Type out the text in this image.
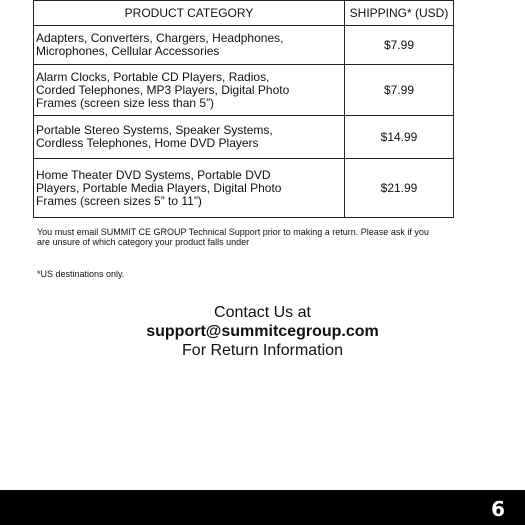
PRODUCT CATEGORY	SHIPPING* (USD)

Adapters, Converters, Chargers, Headphones,
Microphones, Cellular Accessories	$7.99

Alarm Clocks, Portable CD Players, Radios,
Corded Telephones, MP3 Players, Digital Photo
Frames (screen size less than 5”)	$7.99

Portable Stereo Systems, Speaker Systems,
Cordless Telephones, Home DVD Players	$14.99

Home Theater DVD Systems, Portable DVD
Players, Portable Media Players, Digital Photo
Frames (screen sizes 5” to 11”)	$21.99
You must email SUMMIT CE GROUP Technical Support prior to making a return. Please ask if you
are unsure of which category your product falls under
*US destinations only.
Contact Us at
support@summitcegroup.com
For Return Information
6
